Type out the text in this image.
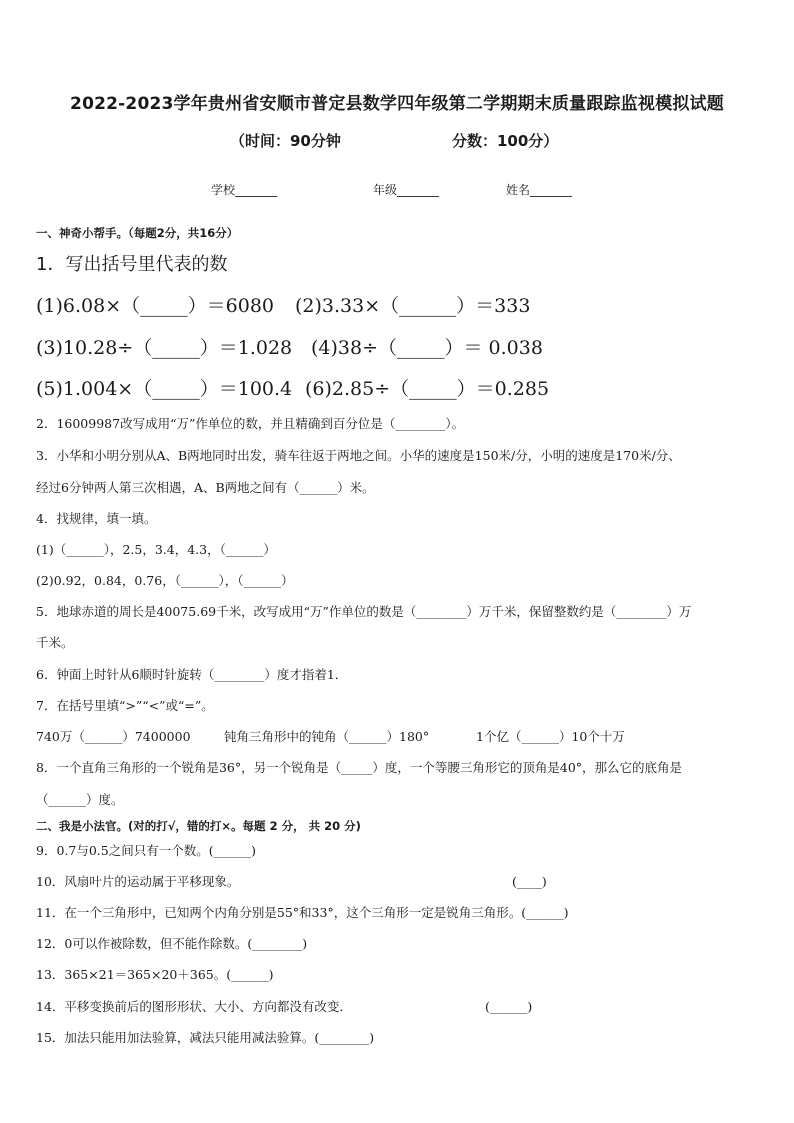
2022-2023学年贵州省安顺市普定县数学四年级第二学期期末质量跟踪监视模拟试题
（时间：90分钟	分数：100分）
学校_______	年级_______	姓名_______
一、神奇小帮手。（每题2分，共16分）
1．写出括号里代表的数
(1)6.08×（_____）＝6080 (2)3.33×（______）＝333
(3)10.28÷（_____）＝1.028 (4)38÷（_____）＝ 0.038
(5)1.004×（_____）＝100.4 (6)2.85÷（_____）＝0.285
2．16009987改写成用“万”作单位的数，并且精确到百分位是（________）。
3．小华和小明分别从A、B两地同时出发，骑车往返于两地之间。小华的速度是150米/分，小明的速度是170米/分、
经过6分钟两人第三次相遇，A、B两地之间有（______）米。
4．找规律，填一填。
(1)（______），2.5，3.4，4.3，（______）
(2)0.92，0.84，0.76，（______），（______）
5．地球赤道的周长是40075.69千米，改写成用“万”作单位的数是（________）万千米，保留整数约是（________）万
千米。
6．钟面上时针从6顺时针旋转（________）度才指着1．
7．在括号里填“>”“<”或“=”。
740万（______）7400000	钝角三角形中的钝角（______）180°	1个亿（______）10个十万
8．一个直角三角形的一个锐角是36°，另一个锐角是（_____）度，一个等腰三角形它的顶角是40°，那么它的底角是
（______）度。
二、我是小法官。(对的打√，错的打×。每题 2 分， 共 20 分)
9．0.7与0.5之间只有一个数。(______)
10．风扇叶片的运动属于平移现象。	(____)
11．在一个三角形中，已知两个内角分别是55°和33°，这个三角形一定是锐角三角形。(______)
12．0可以作被除数，但不能作除数。(________)
13．365×21＝365×20＋365。(______)
14．平移变换前后的图形形状、大小、方向都没有改变．	(______)
15．加法只能用加法验算，减法只能用减法验算。(________)
